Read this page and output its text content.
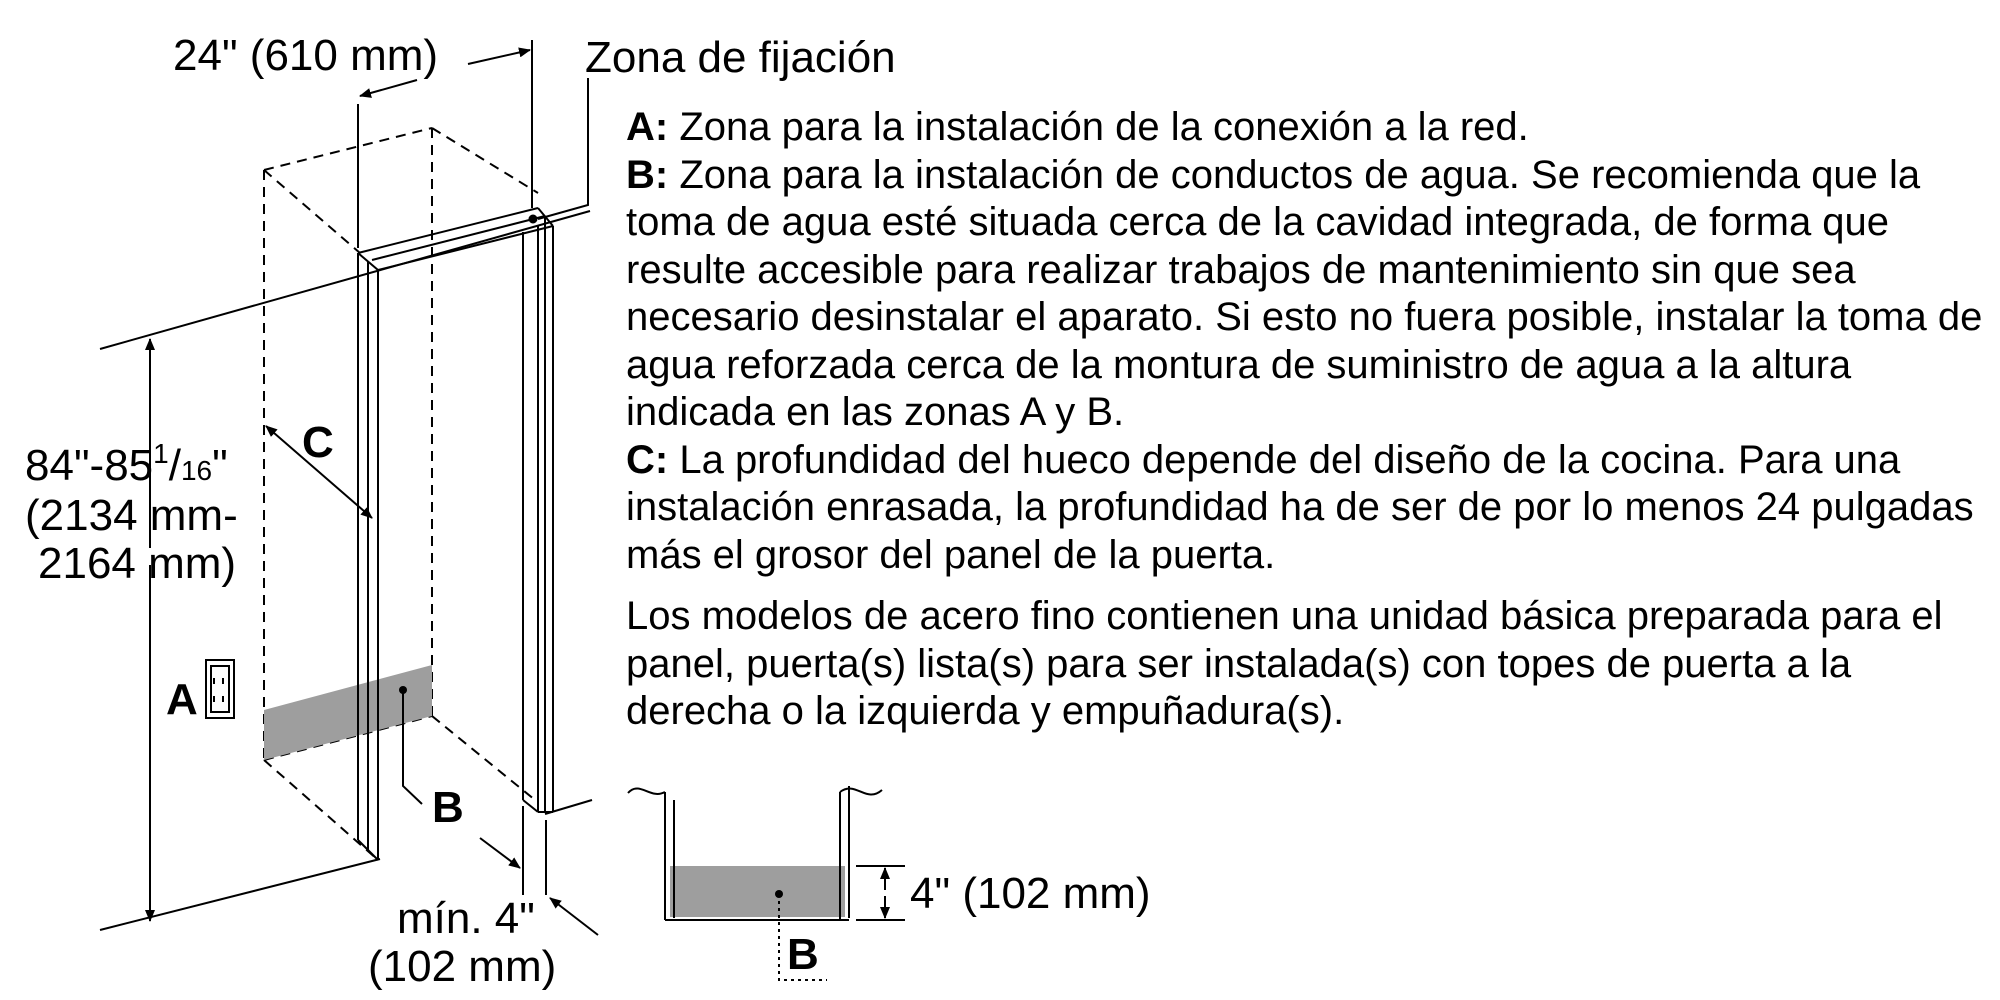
24" (610 mm)	Zona de fijación
$84"-85^1/16$"
(2134 mm-
2164 mm)
C
A
B
mín. 4"
(102 mm)
4" (102 mm)
B

A: Zona para la instalación de la conexión a la red.

B: Zona para la instalación de conductos de agua. Se recomienda que la toma de agua esté situada cerca de la cavidad integrada, de forma que resulte accesible para realizar trabajos de mantenimiento sin que sea necesario desinstalar el aparato. Si esto no fuera posible, instalar la toma de agua reforzada cerca de la montura de suministro de agua a la altura indicada en las zonas A y B.

C: La profundidad del hueco depende del diseño de la cocina. Para una instalación enrasada, la profundidad ha de ser de por lo menos 24 pulgadas más el grosor del panel de la puerta.

Los modelos de acero fino contienen una unidad básica preparada para el panel, puerta(s) lista(s) para ser instalada(s) con topes de puerta a la derecha o la izquierda y empuñadura(s).
